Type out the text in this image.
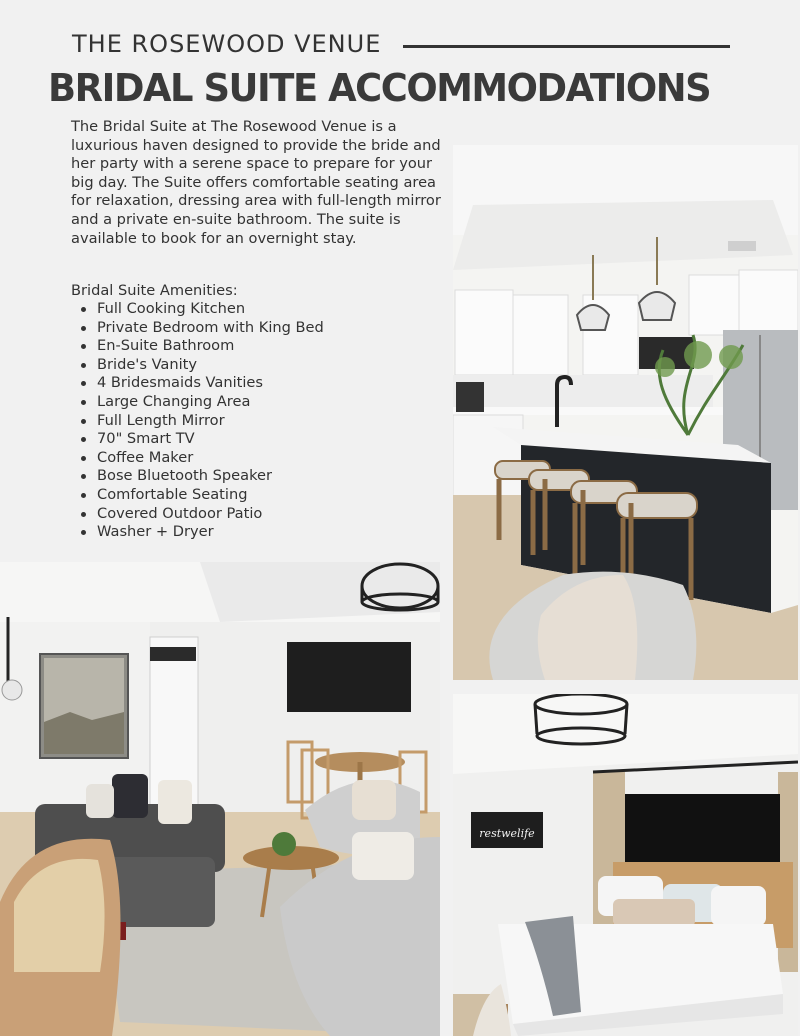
THE ROSEWOOD VENUE
BRIDAL SUITE ACCOMMODATIONS

The Bridal Suite at The Rosewood Venue is a luxurious haven designed to provide the bride and her party with a serene space to prepare for your big day. The Suite offers comfortable seating area for relaxation, dressing area with full-length mirror and a private en-suite bathroom. The suite is available to book for an overnight stay.

Bridal Suite Amenities:

Full Cooking Kitchen
Private Bedroom with King Bed
En-Suite Bathroom
Bride's Vanity
4 Bridesmaids Vanities
Large Changing Area
Full Length Mirror
70" Smart TV
Coffee Maker
Bose Bluetooth Speaker
Comfortable Seating
Covered Outdoor Patio
Washer + Dryer
restwelife
